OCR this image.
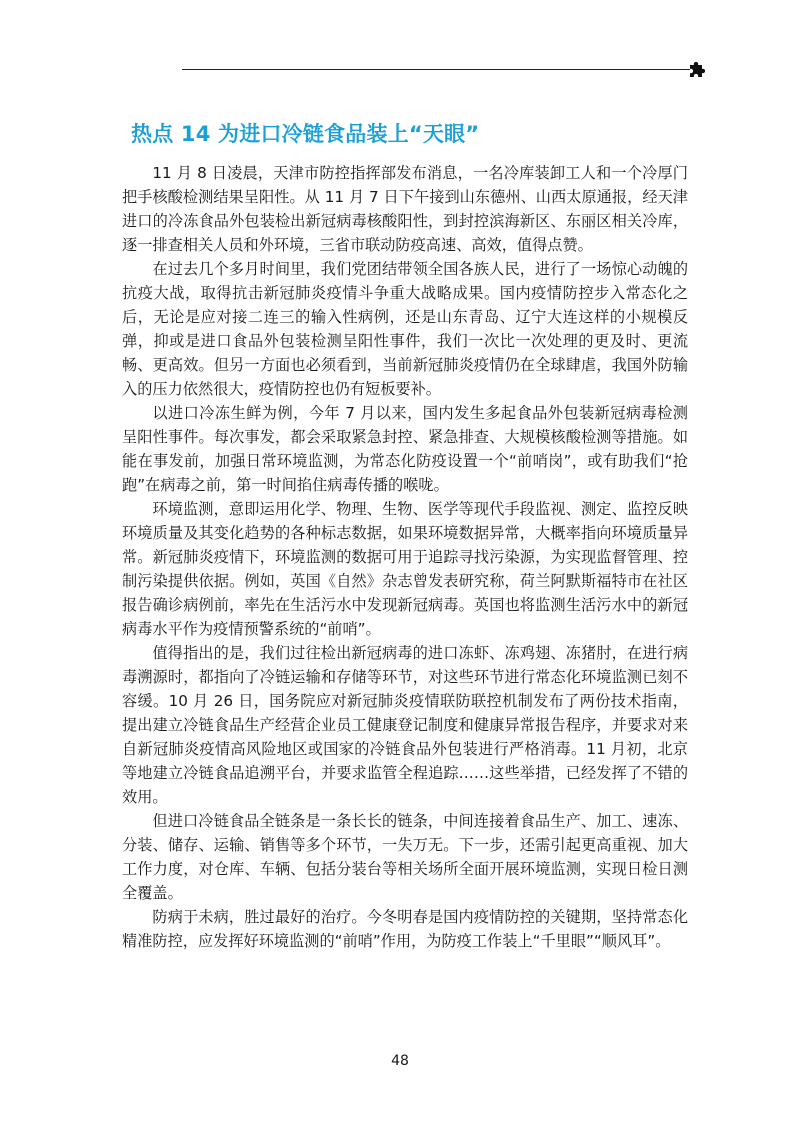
热点 14 为进口冷链食品装上“天眼”

11 月 8 日凌晨，天津市防控指挥部发布消息，一名冷库装卸工人和一个冷厚门把手核酸检测结果呈阳性。从 11 月 7 日下午接到山东德州、山西太原通报，经天津进口的冷冻食品外包装检出新冠病毒核酸阳性，到封控滨海新区、东丽区相关冷库，逐一排查相关人员和外环境，三省市联动防疫高速、高效，值得点赞。

在过去几个多月时间里，我们党团结带领全国各族人民，进行了一场惊心动魄的抗疫大战，取得抗击新冠肺炎疫情斗争重大战略成果。国内疫情防控步入常态化之后，无论是应对接二连三的输入性病例，还是山东青岛、辽宁大连这样的小规模反弹，抑或是进口食品外包装检测呈阳性事件，我们一次比一次处理的更及时、更流畅、更高效。但另一方面也必须看到，当前新冠肺炎疫情仍在全球肆虐，我国外防输入的压力依然很大，疫情防控也仍有短板要补。

以进口冷冻生鲜为例，今年 7 月以来，国内发生多起食品外包装新冠病毒检测呈阳性事件。每次事发，都会采取紧急封控、紧急排查、大规模核酸检测等措施。如能在事发前，加强日常环境监测，为常态化防疫设置一个“前哨岗”，或有助我们“抢跑”在病毒之前，第一时间掐住病毒传播的喉咙。

环境监测，意即运用化学、物理、生物、医学等现代手段监视、测定、监控反映环境质量及其变化趋势的各种标志数据，如果环境数据异常，大概率指向环境质量异常。新冠肺炎疫情下，环境监测的数据可用于追踪寻找污染源，为实现监督管理、控制污染提供依据。例如，英国《自然》杂志曾发表研究称，荷兰阿默斯福特市在社区报告确诊病例前，率先在生活污水中发现新冠病毒。英国也将监测生活污水中的新冠病毒水平作为疫情预警系统的“前哨”。

值得指出的是，我们过往检出新冠病毒的进口冻虾、冻鸡翅、冻猪肘，在进行病毒溯源时，都指向了冷链运输和存储等环节，对这些环节进行常态化环境监测已刻不容缓。10 月 26 日，国务院应对新冠肺炎疫情联防联控机制发布了两份技术指南，提出建立冷链食品生产经营企业员工健康登记制度和健康异常报告程序，并要求对来自新冠肺炎疫情高风险地区或国家的冷链食品外包装进行严格消毒。11 月初，北京等地建立冷链食品追溯平台，并要求监管全程追踪……这些举措，已经发挥了不错的效用。

但进口冷链食品全链条是一条长长的链条，中间连接着食品生产、加工、速冻、分装、储存、运输、销售等多个环节，一失万无。下一步，还需引起更高重视、加大工作力度，对仓库、车辆、包括分装台等相关场所全面开展环境监测，实现日检日测全覆盖。

防病于未病，胜过最好的治疗。今冬明春是国内疫情防控的关键期，坚持常态化精准防控，应发挥好环境监测的“前哨”作用，为防疫工作装上“千里眼”“顺风耳”。

48
